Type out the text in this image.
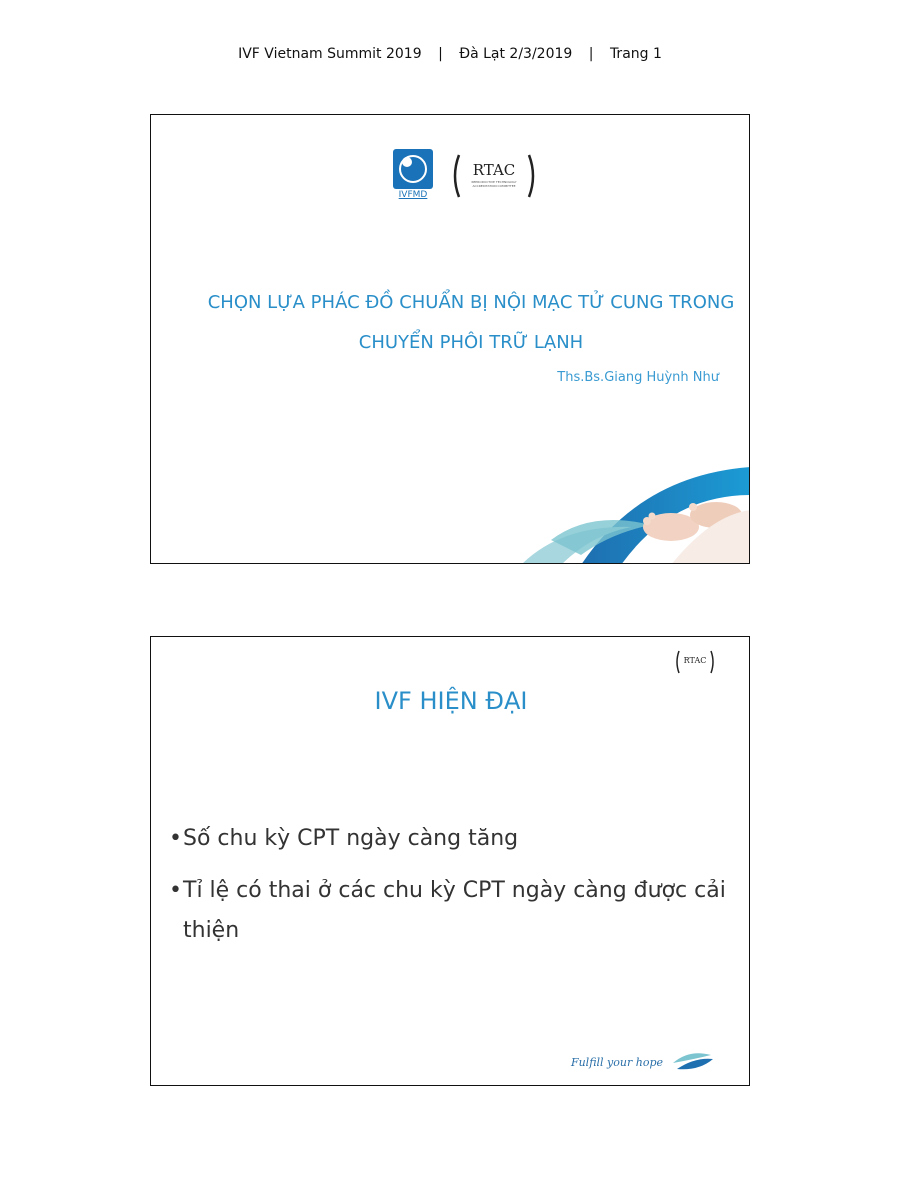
IVF Vietnam Summit 2019 | Đà Lạt 2/3/2019 | Trang 1
IVFMD
RTAC
REPRODUCTIVE TECHNOLOGY
ACCREDITATION COMMITTEE
CHỌN LỰA PHÁC ĐỒ CHUẨN BỊ NỘI MẠC TỬ CUNG TRONG
CHUYỂN PHÔI TRỮ LẠNH
Ths.Bs.Giang Huỳnh Như
RTAC
IVF HIỆN ĐẠI
• Số chu kỳ CPT ngày càng tăng
• Tỉ lệ có thai ở các chu kỳ CPT ngày càng được cải thiện
Fulfill your hope
